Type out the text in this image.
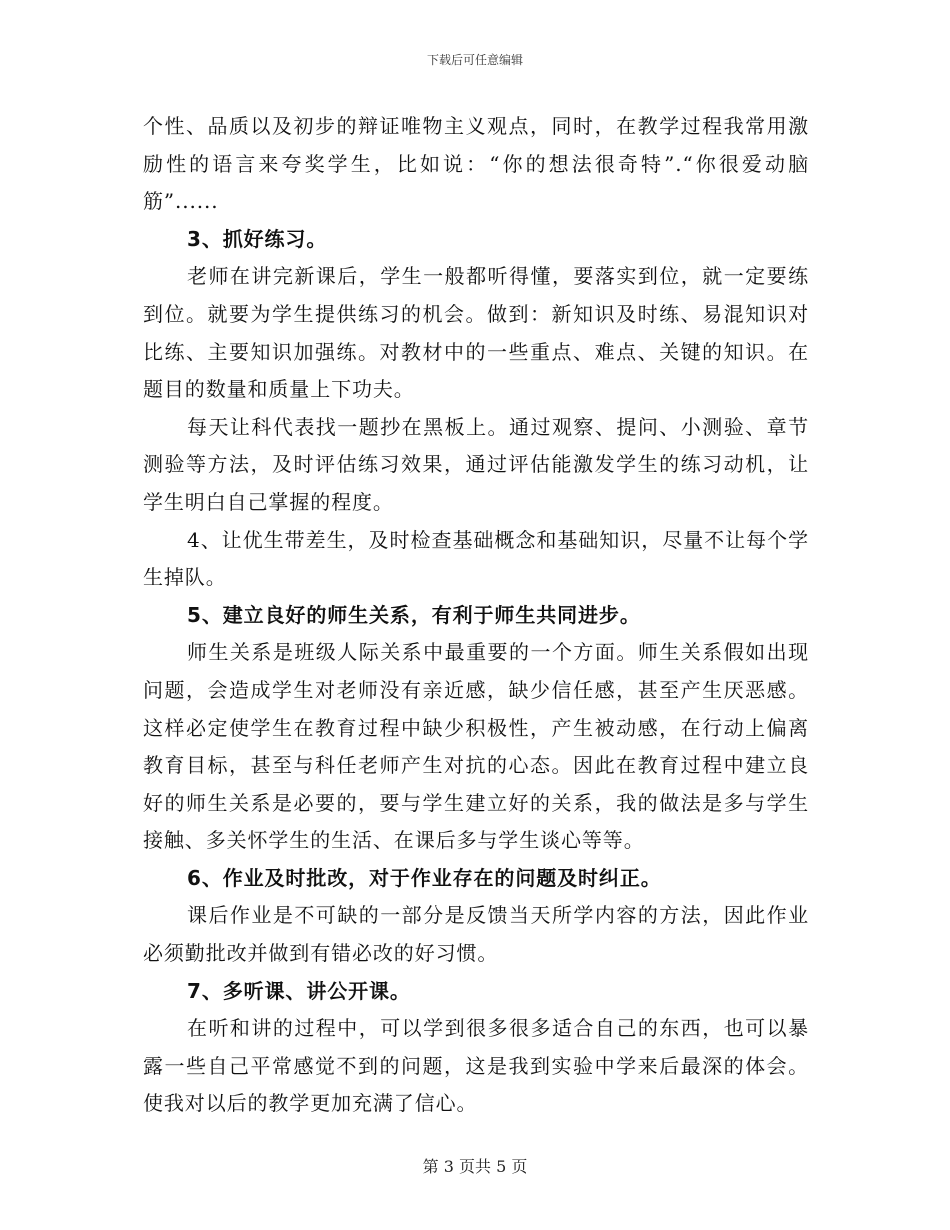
下载后可任意编辑

个性、品质以及初步的辩证唯物主义观点，同时，在教学过程我常用激励性的语言来夸奖学生，比如说：“你的想法很奇特”.“你很爱动脑筋”......

3、抓好练习。

老师在讲完新课后，学生一般都听得懂，要落实到位，就一定要练到位。就要为学生提供练习的机会。做到：新知识及时练、易混知识对比练、主要知识加强练。对教材中的一些重点、难点、关键的知识。在题目的数量和质量上下功夫。

每天让科代表找一题抄在黑板上。通过观察、提问、小测验、章节测验等方法，及时评估练习效果，通过评估能激发学生的练习动机，让学生明白自己掌握的程度。

4、让优生带差生，及时检查基础概念和基础知识，尽量不让每个学生掉队。

5、建立良好的师生关系，有利于师生共同进步。

师生关系是班级人际关系中最重要的一个方面。师生关系假如出现问题，会造成学生对老师没有亲近感，缺少信任感，甚至产生厌恶感。这样必定使学生在教育过程中缺少积极性，产生被动感，在行动上偏离教育目标，甚至与科任老师产生对抗的心态。因此在教育过程中建立良好的师生关系是必要的，要与学生建立好的关系，我的做法是多与学生接触、多关怀学生的生活、在课后多与学生谈心等等。

6、作业及时批改，对于作业存在的问题及时纠正。

课后作业是不可缺的一部分是反馈当天所学内容的方法，因此作业必须勤批改并做到有错必改的好习惯。

7、多听课、讲公开课。

在听和讲的过程中，可以学到很多很多适合自己的东西，也可以暴露一些自己平常感觉不到的问题，这是我到实验中学来后最深的体会。使我对以后的教学更加充满了信心。

第 3 页共 5 页
